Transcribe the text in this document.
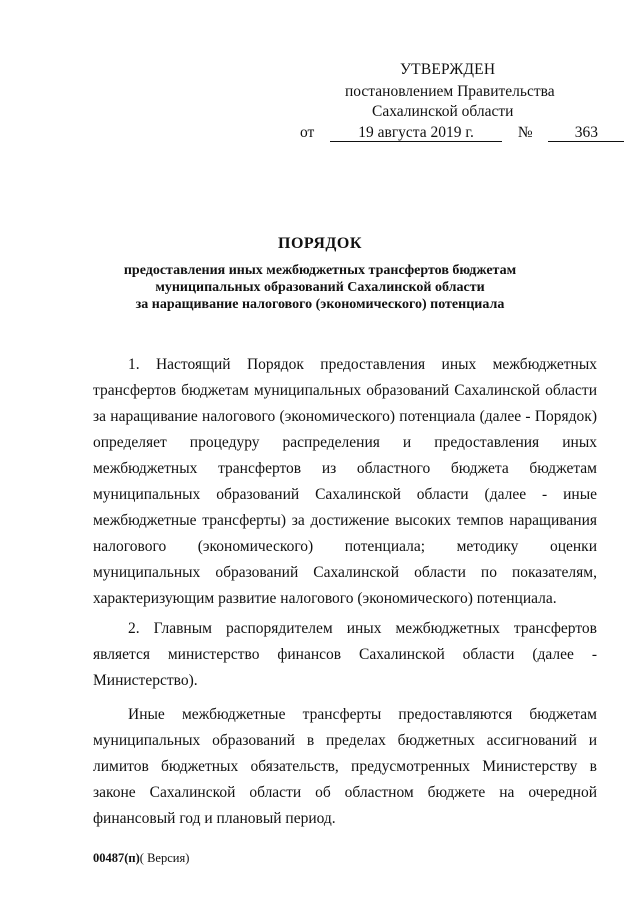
УТВЕРЖДЕН
постановлением Правительства
Сахалинской области
от	19 августа 2019 г.	№	363
ПОРЯДОК
предоставления иных межбюджетных трансфертов бюджетам
муниципальных образований Сахалинской области
за наращивание налогового (экономического) потенциала

1. Настоящий Порядок предоставления иных межбюджетных трансфертов бюджетам муниципальных образований Сахалинской области за наращивание налогового (экономического) потенциала (далее - Порядок) определяет процедуру распределения и предоставления иных межбюджетных трансфертов из областного бюджета бюджетам муниципальных образований Сахалинской области (далее - иные межбюджетные трансферты) за достижение высоких темпов наращивания налогового (экономического) потенциала; методику оценки муниципальных образований Сахалинской области по показателям, характеризующим развитие налогового (экономического) потенциала.

2. Главным распорядителем иных межбюджетных трансфертов является министерство финансов Сахалинской области (далее - Министерство).

Иные межбюджетные трансферты предоставляются бюджетам муниципальных образований в пределах бюджетных ассигнований и лимитов бюджетных обязательств, предусмотренных Министерству в законе Сахалинской области об областном бюджете на очередной финансовый год и плановый период.

00487(п)( Версия)
